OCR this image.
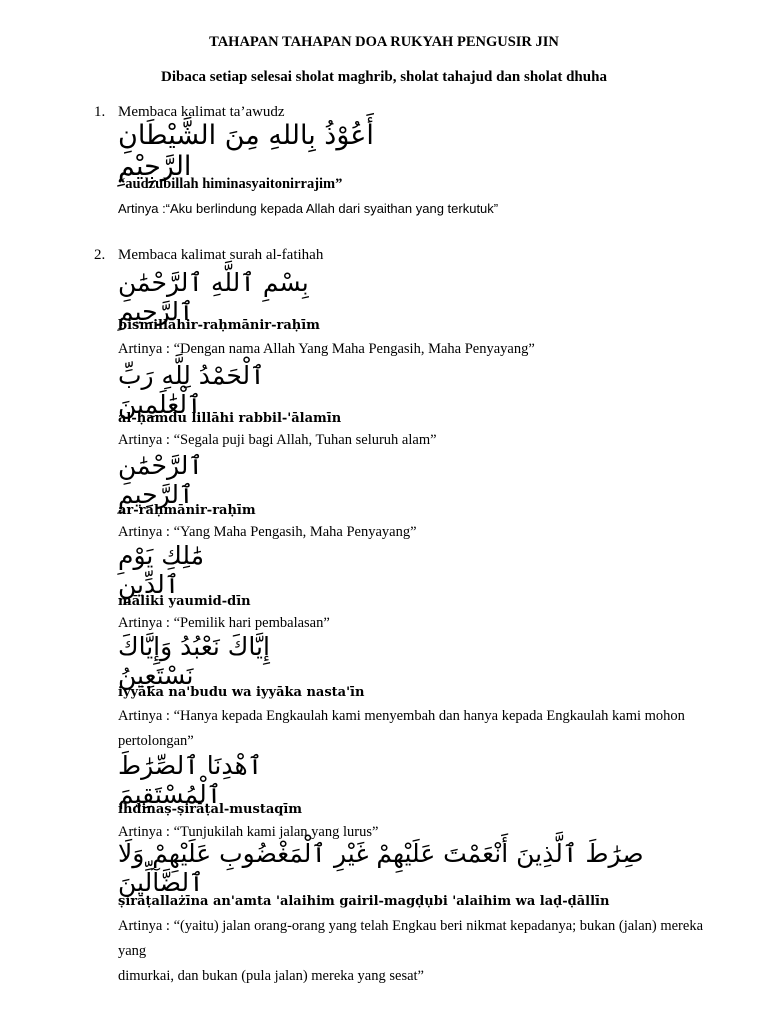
TAHAPAN TAHAPAN DOA RUKYAH PENGUSIR JIN
Dibaca setiap selesai sholat maghrib, sholat tahajud dan sholat dhuha
1. Membaca kalimat ta’awudz
أَعُوْذُ بِاللهِ مِنَ الشَّيْطَانِ الرَّجِيْمِ
“audzubillah himinasyaitonirrajim”
Artinya :“Aku berlindung kepada Allah dari syaithan yang terkutuk”
2. Membaca kalimat surah al-fatihah
بِسْمِ ٱللَّهِ ٱلرَّحْمَٰنِ ٱلرَّحِيمِ
bismillāhir-raḥmānir-raḥīm
Artinya : “Dengan nama Allah Yang Maha Pengasih, Maha Penyayang”
ٱلْحَمْدُ لِلَّهِ رَبِّ ٱلْعَٰلَمِينَ
al-ḥamdu lillāhi rabbil-'ālamīn
Artinya : “Segala puji bagi Allah, Tuhan seluruh alam”
ٱلرَّحْمَٰنِ ٱلرَّحِيمِ
ar-raḥmānir-raḥīm
Artinya : “Yang Maha Pengasih, Maha Penyayang”
مَٰلِكِ يَوْمِ ٱلدِّينِ
māliki yaumid-dīn
Artinya : “Pemilik hari pembalasan”
إِيَّاكَ نَعْبُدُ وَإِيَّاكَ نَسْتَعِينُ
iyyāka na'budu wa iyyāka nasta'īn
Artinya : “Hanya kepada Engkaulah kami menyembah dan hanya kepada Engkaulah kami mohon
pertolongan”
ٱهْدِنَا ٱلصِّرَٰطَ ٱلْمُسْتَقِيمَ
ihdinaṣ-ṣirāṭal-mustaqīm
Artinya : “Tunjukilah kami jalan yang lurus”
صِرَٰطَ ٱلَّذِينَ أَنْعَمْتَ عَلَيْهِمْ غَيْرِ ٱلْمَغْضُوبِ عَلَيْهِمْ وَلَا ٱلضَّآلِّينَ
ṣirāṭallażīna an'amta 'alaihim gairil-magḍụbi 'alaihim wa laḍ-ḍāllīn
Artinya : “(yaitu) jalan orang-orang yang telah Engkau beri nikmat kepadanya; bukan (jalan) mereka yang
dimurkai, dan bukan (pula jalan) mereka yang sesat”
